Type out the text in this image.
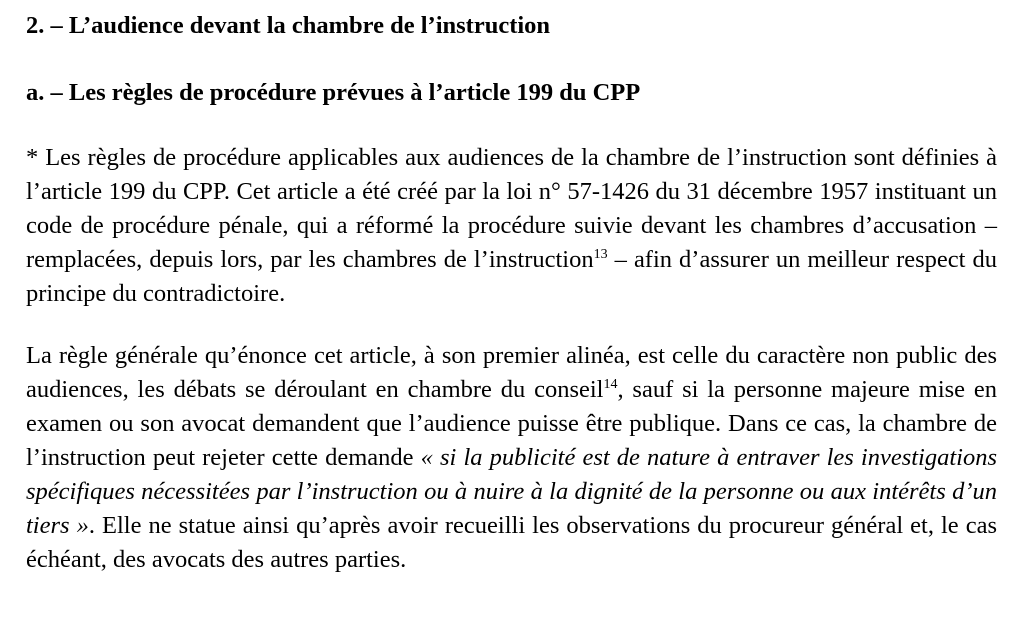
2. – L’audience devant la chambre de l’instruction
a. – Les règles de procédure prévues à l’article 199 du CPP

* Les règles de procédure applicables aux audiences de la chambre de l’instruction sont définies à l’article 199 du CPP. Cet article a été créé par la loi n° 57-1426 du 31 décembre 1957 instituant un code de procédure pénale, qui a réformé la procédure suivie devant les chambres d’accusation – remplacées, depuis lors, par les chambres de l’instruction$^{13}$ – afin d’assurer un meilleur respect du principe du contradictoire.

La règle générale qu’énonce cet article, à son premier alinéa, est celle du caractère non public des audiences, les débats se déroulant en chambre du conseil$^{14}$, sauf si la personne majeure mise en examen ou son avocat demandent que l’audience puisse être publique. Dans ce cas, la chambre de l’instruction peut rejeter cette demande « si la publicité est de nature à entraver les investigations spécifiques nécessitées par l’instruction ou à nuire à la dignité de la personne ou aux intérêts d’un tiers ». Elle ne statue ainsi qu’après avoir recueilli les observations du procureur général et, le cas échéant, des avocats des autres parties.
